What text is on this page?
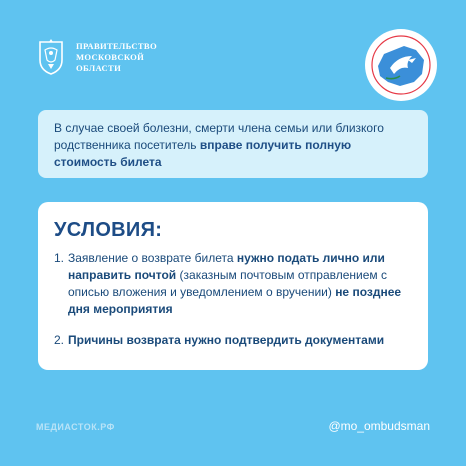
ПРАВИТЕЛЬСТВО
МОСКОВСКОЙ
ОБЛАСТИ
В случае своей болезни, смерти члена семьи или близкого родственника посетитель вправе получить полную стоимость билета
УСЛОВИЯ:
1. Заявление о возврате билета нужно подать лично или направить почтой (заказным почтовым отправлением с описью вложения и уведомлением о вручении) не позднее дня мероприятия
2. Причины возврата нужно подтвердить документами
МЕДИАСТОК.РФ	@mo_ombudsman
